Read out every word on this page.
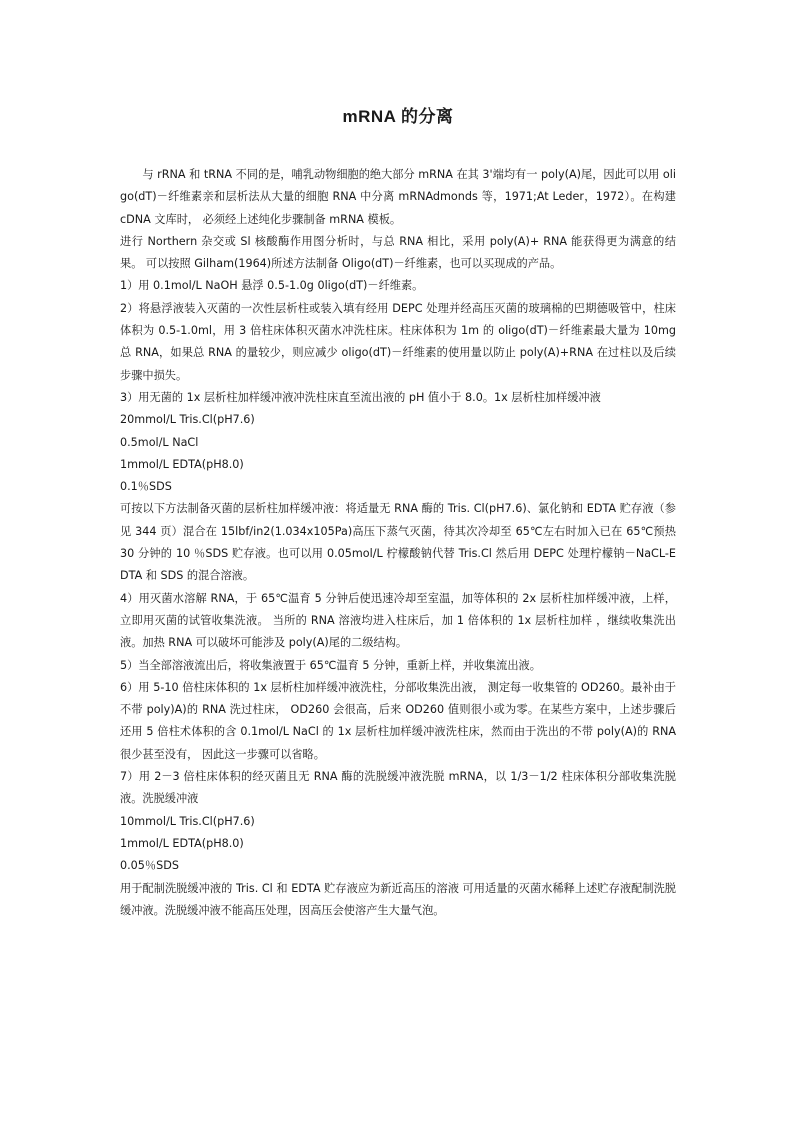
mRNA 的分离

与 rRNA 和 tRNA 不同的是，哺乳动物细胞的绝大部分 mRNA 在其 3'端均有一 poly(A)尾，因此可以用 oligo(dT)－纤维素亲和层析法从大量的细胞 RNA 中分离 mRNAdmonds 等，1971;At Leder，1972）。在构建 cDNA 文库时， 必须经上述纯化步骤制备 mRNA 模板。

进行 Northern 杂交或 Sl 核酸酶作用图分析时，与总 RNA 相比，采用 poly(A)+ RNA 能获得更为满意的结果。 可以按照 Gilham(1964)所述方法制备 Oligo(dT)－纤维素，也可以买现成的产品。

1）用 0.1mol/L NaOH 悬浮 0.5-1.0g 0ligo(dT)－纤维素。

2）将悬浮液装入灭菌的一次性层析柱或装入填有经用 DEPC 处理并经高压灭菌的玻璃棉的巴期德吸管中，柱床体积为 0.5-1.0ml，用 3 倍柱床体积灭菌水冲洗柱床。柱床体积为 1m 的 oligo(dT)－纤维素最大量为 10mg 总 RNA，如果总 RNA 的量较少，则应减少 oligo(dT)－纤维素的使用量以防止 poly(A)+RNA 在过柱以及后续步骤中损失。

3）用无菌的 1x 层析柱加样缓冲液冲洗柱床直至流出液的 pH 值小于 8.0。1x 层析柱加样缓冲液

20mmol/L Tris.Cl(pH7.6)

0.5mol/L NaCl

1mmol/L EDTA(pH8.0)

0.1％SDS

可按以下方法制备灭菌的层析柱加样缓冲液：将适量无 RNA 酶的 Tris. Cl(pH7.6)、氯化钠和 EDTA 贮存液（参见 344 页）混合在 15lbf/in2(1.034x105Pa)高压下蒸气灭菌，待其次冷却至 65℃左右时加入已在 65℃预热 30 分钟的 10 ％SDS 贮存液。也可以用 0.05mol/L 柠檬酸钠代替 Tris.Cl 然后用 DEPC 处理柠檬钠－NaCL-EDTA 和 SDS 的混合溶液。

4）用灭菌水溶解 RNA，于 65℃温育 5 分钟后使迅速冷却至室温，加等体积的 2x 层析柱加样缓冲液，上样，立即用灭菌的试管收集洗液。 当所的 RNA 溶液均进入柱床后，加 1 倍体积的 1x 层析柱加样 ，继续收集洗出液。加热 RNA 可以破坏可能涉及 poly(A)尾的二级结构。

5）当全部溶液流出后，将收集液置于 65℃温育 5 分钟，重新上样，并收集流出液。

6）用 5-10 倍柱床体积的 1x 层析柱加样缓冲液洗柱，分部收集洗出液， 测定每一收集管的 OD260。最补由于不带 poly)A)的 RNA 洗过柱床， OD260 会很高，后来 OD260 值则很小或为零。在某些方案中，上述步骤后还用 5 倍柱术体积的含 0.1mol/L NaCl 的 1x 层析柱加样缓冲液洗柱床，然而由于洗出的不带 poly(A)的 RNA 很少甚至没有， 因此这一步骤可以省略。

7）用 2－3 倍柱床体积的经灭菌且无 RNA 酶的洗脱缓冲液洗脱 mRNA，以 1/3－1/2 柱床体积分部收集洗脱液。洗脱缓冲液

10mmol/L Tris.Cl(pH7.6)

1mmol/L EDTA(pH8.0)

0.05％SDS

用于配制洗脱缓冲液的 Tris. Cl 和 EDTA 贮存液应为新近高压的溶液 可用适量的灭菌水稀释上述贮存液配制洗脱缓冲液。洗脱缓冲液不能高压处理，因高压会使溶产生大量气泡。
